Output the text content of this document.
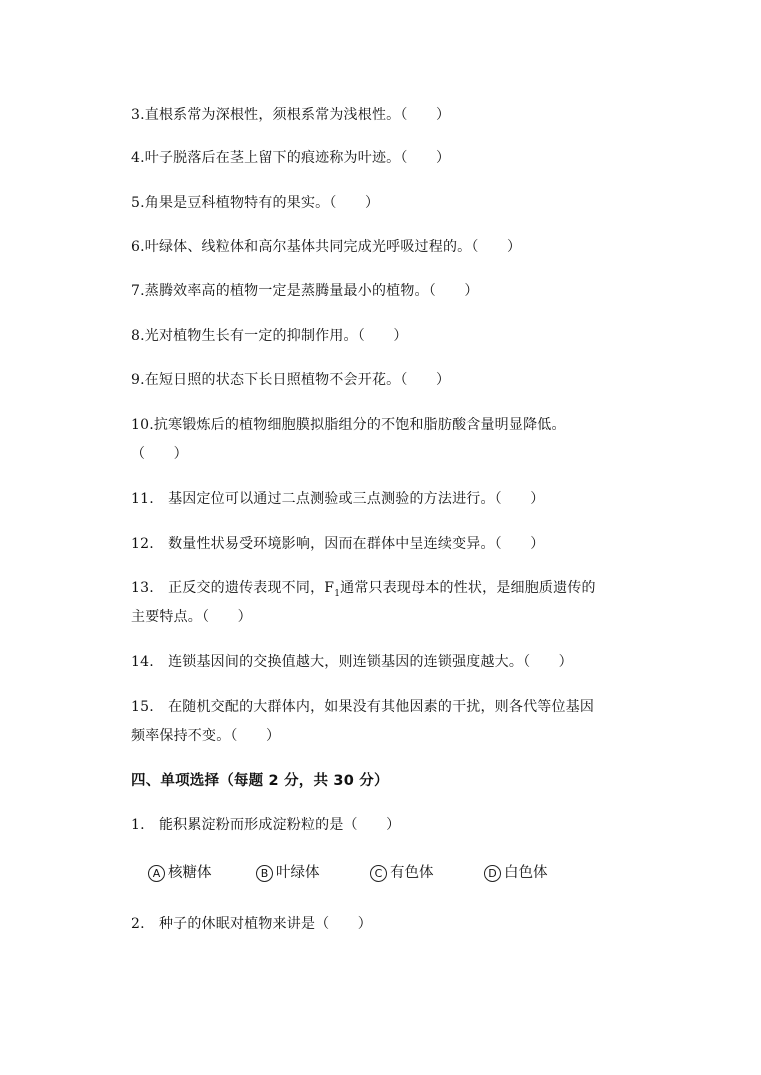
3.直根系常为深根性，须根系常为浅根性。（　　）
4.叶子脱落后在茎上留下的痕迹称为叶迹。（　　）
5.角果是豆科植物特有的果实。（　　）
6.叶绿体、线粒体和高尔基体共同完成光呼吸过程的。（　　）
7.蒸腾效率高的植物一定是蒸腾量最小的植物。（　　）
8.光对植物生长有一定的抑制作用。（　　）
9.在短日照的状态下长日照植物不会开花。（　　）
10.抗寒锻炼后的植物细胞膜拟脂组分的不饱和脂肪酸含量明显降低。
（　　）
11.　基因定位可以通过二点测验或三点测验的方法进行。（　　）
12.　数量性状易受环境影响，因而在群体中呈连续变异。（　　）
13.　正反交的遗传表现不同，$F_1$通常只表现母本的性状，是细胞质遗传的
主要特点。（　　）
14.　连锁基因间的交换值越大，则连锁基因的连锁强度越大。（　　）
15.　在随机交配的大群体内，如果没有其他因素的干扰，则各代等位基因
频率保持不变。（　　）
四、单项选择（每题 2 分，共 30 分）
1.　能积累淀粉而形成淀粉粒的是（　　）
A 核糖体	B 叶绿体	C 有色体	D 白色体
2.　种子的休眠对植物来讲是（　　）
